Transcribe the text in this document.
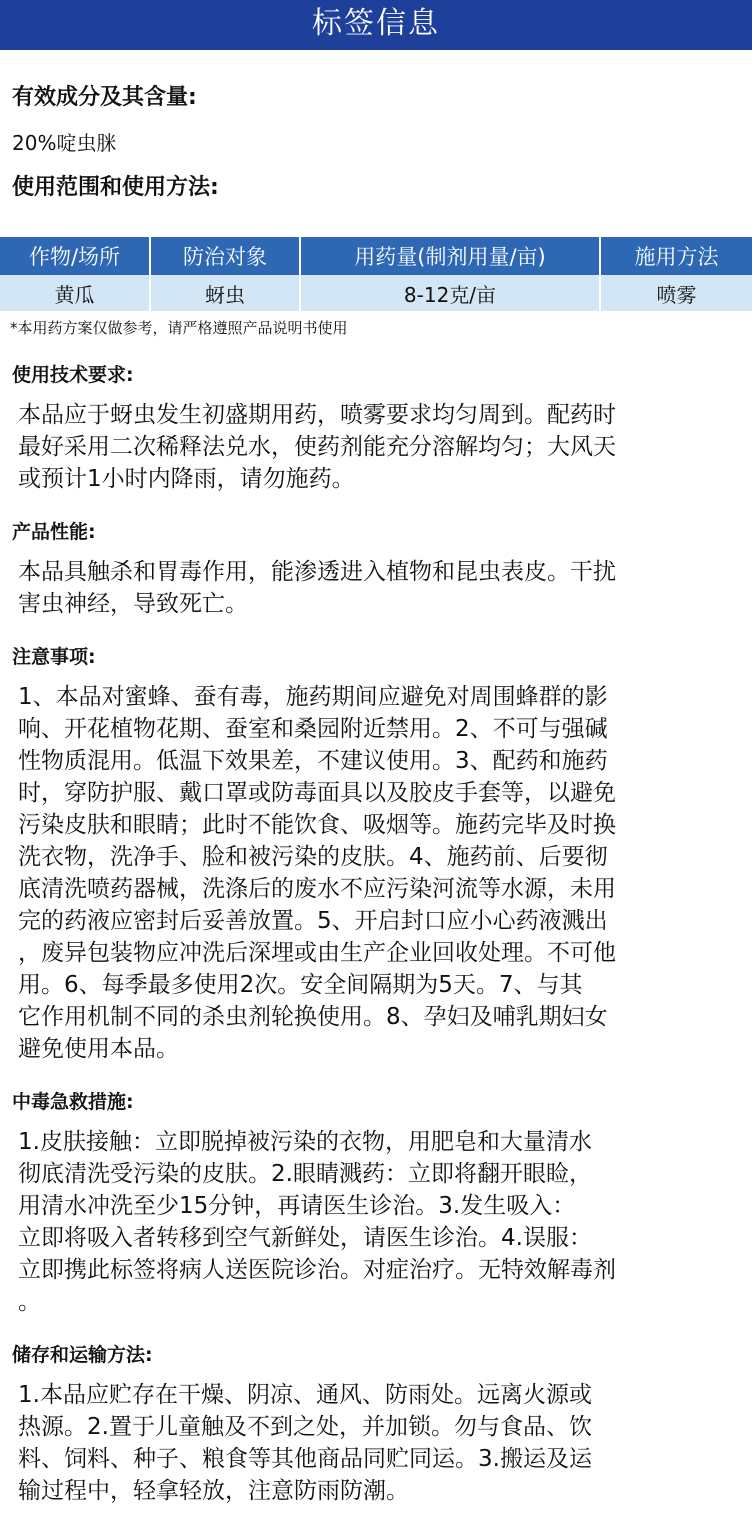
标签信息
有效成分及其含量:
20%啶虫脒
使用范围和使用方法:
作物/场所	防治对象	用药量(制剂用量/亩)	施用方法
黄瓜	蚜虫	8-12克/亩	喷雾
*本用药方案仅做参考，请严格遵照产品说明书使用
使用技术要求:
本品应于蚜虫发生初盛期用药，喷雾要求均匀周到。配药时
最好采用二次稀释法兑水，使药剂能充分溶解均匀；大风天
或预计1小时内降雨，请勿施药。
产品性能:
本品具触杀和胃毒作用，能渗透进入植物和昆虫表皮。干扰
害虫神经，导致死亡。
注意事项:
1、本品对蜜蜂、蚕有毒，施药期间应避免对周围蜂群的影
响、开花植物花期、蚕室和桑园附近禁用。2、不可与强碱
性物质混用。低温下效果差，不建议使用。3、配药和施药
时，穿防护服、戴口罩或防毒面具以及胶皮手套等，以避免
污染皮肤和眼睛；此时不能饮食、吸烟等。施药完毕及时换
洗衣物，洗净手、脸和被污染的皮肤。4、施药前、后要彻
底清洗喷药器械，洗涤后的废水不应污染河流等水源，未用
完的药液应密封后妥善放置。5、开启封口应小心药液溅出
，废异包装物应冲洗后深埋或由生产企业回收处理。不可他
用。6、每季最多使用2次。安全间隔期为5天。7、与其
它作用机制不同的杀虫剂轮换使用。8、孕妇及哺乳期妇女
避免使用本品。
中毒急救措施:
1.皮肤接触：立即脱掉被污染的衣物，用肥皂和大量清水
彻底清洗受污染的皮肤。2.眼睛溅药：立即将翻开眼睑，
用清水冲洗至少15分钟，再请医生诊治。3.发生吸入：
立即将吸入者转移到空气新鲜处，请医生诊治。4.误服：
立即携此标签将病人送医院诊治。对症治疗。无特效解毒剂
。
储存和运输方法:
1.本品应贮存在干燥、阴凉、通风、防雨处。远离火源或
热源。2.置于儿童触及不到之处，并加锁。勿与食品、饮
料、饲料、种子、粮食等其他商品同贮同运。3.搬运及运
输过程中，轻拿轻放，注意防雨防潮。
